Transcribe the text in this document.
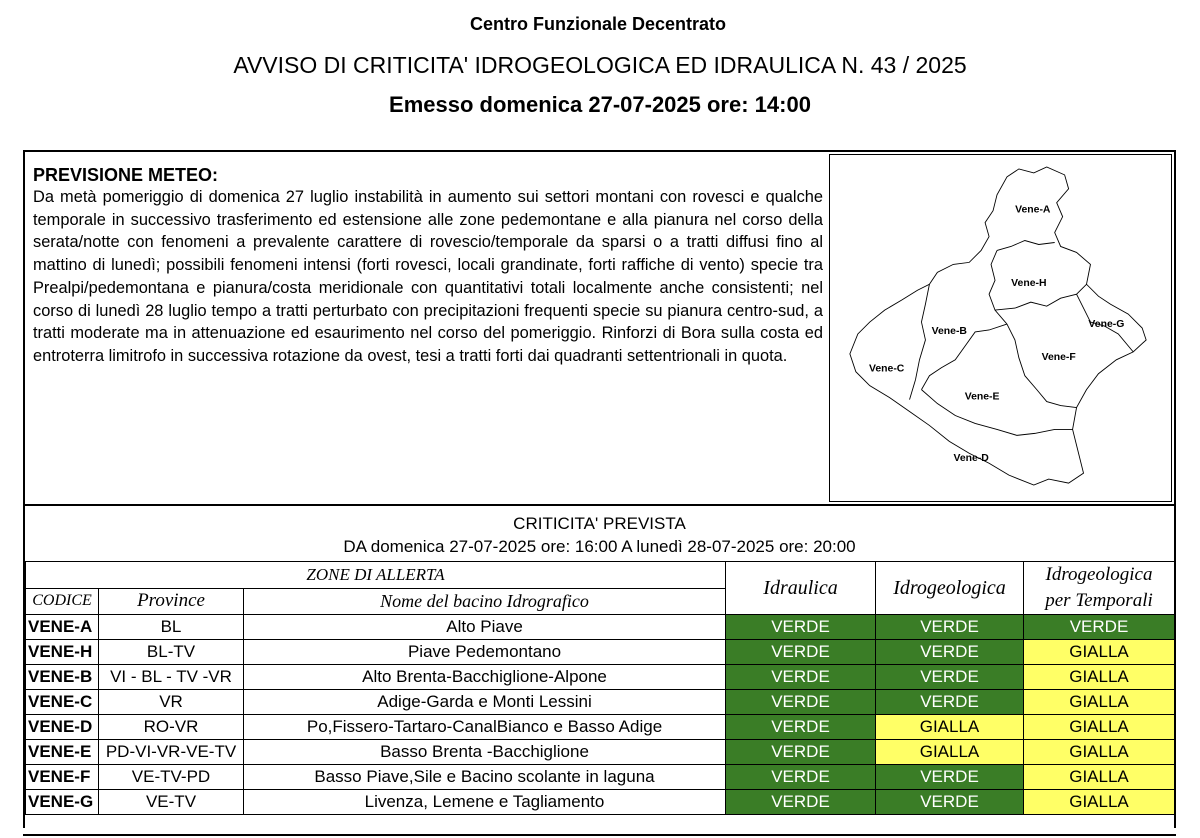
Centro Funzionale Decentrato
AVVISO DI CRITICITA' IDROGEOLOGICA ED IDRAULICA N. 43 / 2025
Emesso domenica 27-07-2025 ore: 14:00
PREVISIONE METEO:
Da metà pomeriggio di domenica 27 luglio instabilità in aumento sui settori montani con rovesci e qualche temporale in successivo trasferimento ed estensione alle zone pedemontane e alla pianura nel corso della serata/notte con fenomeni a prevalente carattere di rovescio/temporale da sparsi o a tratti diffusi fino al mattino di lunedì; possibili fenomeni intensi (forti rovesci, locali grandinate, forti raffiche di vento) specie tra Prealpi/pedemontana e pianura/costa meridionale con quantitativi totali localmente anche consistenti; nel corso di lunedì 28 luglio tempo a tratti perturbato con precipitazioni frequenti specie su pianura centro-sud, a tratti moderate ma in attenuazione ed esaurimento nel corso del pomeriggio. Rinforzi di Bora sulla costa ed entroterra limitrofo in successiva rotazione da ovest, tesi a tratti forti dai quadranti settentrionali in quota.
Vene-A
Vene-H
Vene-B
Vene-G
Vene-C
Vene-F
Vene-E
Vene-D
CRITICITA' PREVISTA
DA domenica 27-07-2025 ore: 16:00 A lunedì 28-07-2025 ore: 20:00
ZONE DI ALLERTA			Idraulica	Idrogeologica	Idrogeologica
per Temporali

CODICE	Province	Nome del bacino Idrografico			
VENE-A	BL	Alto Piave	VERDE	VERDE	VERDE
VENE-H	BL-TV	Piave Pedemontano	VERDE	VERDE	GIALLA
VENE-B	VI - BL - TV -VR	Alto Brenta-Bacchiglione-Alpone	VERDE	VERDE	GIALLA
VENE-C	VR	Adige-Garda e Monti Lessini	VERDE	VERDE	GIALLA
VENE-D	RO-VR	Po,Fissero-Tartaro-CanalBianco e Basso Adige	VERDE	GIALLA	GIALLA
VENE-E	PD-VI-VR-VE-TV	Basso Brenta -Bacchiglione	VERDE	GIALLA	GIALLA
VENE-F	VE-TV-PD	Basso Piave,Sile e Bacino scolante in laguna	VERDE	VERDE	GIALLA
VENE-G	VE-TV	Livenza, Lemene e Tagliamento	VERDE	VERDE	GIALLA
